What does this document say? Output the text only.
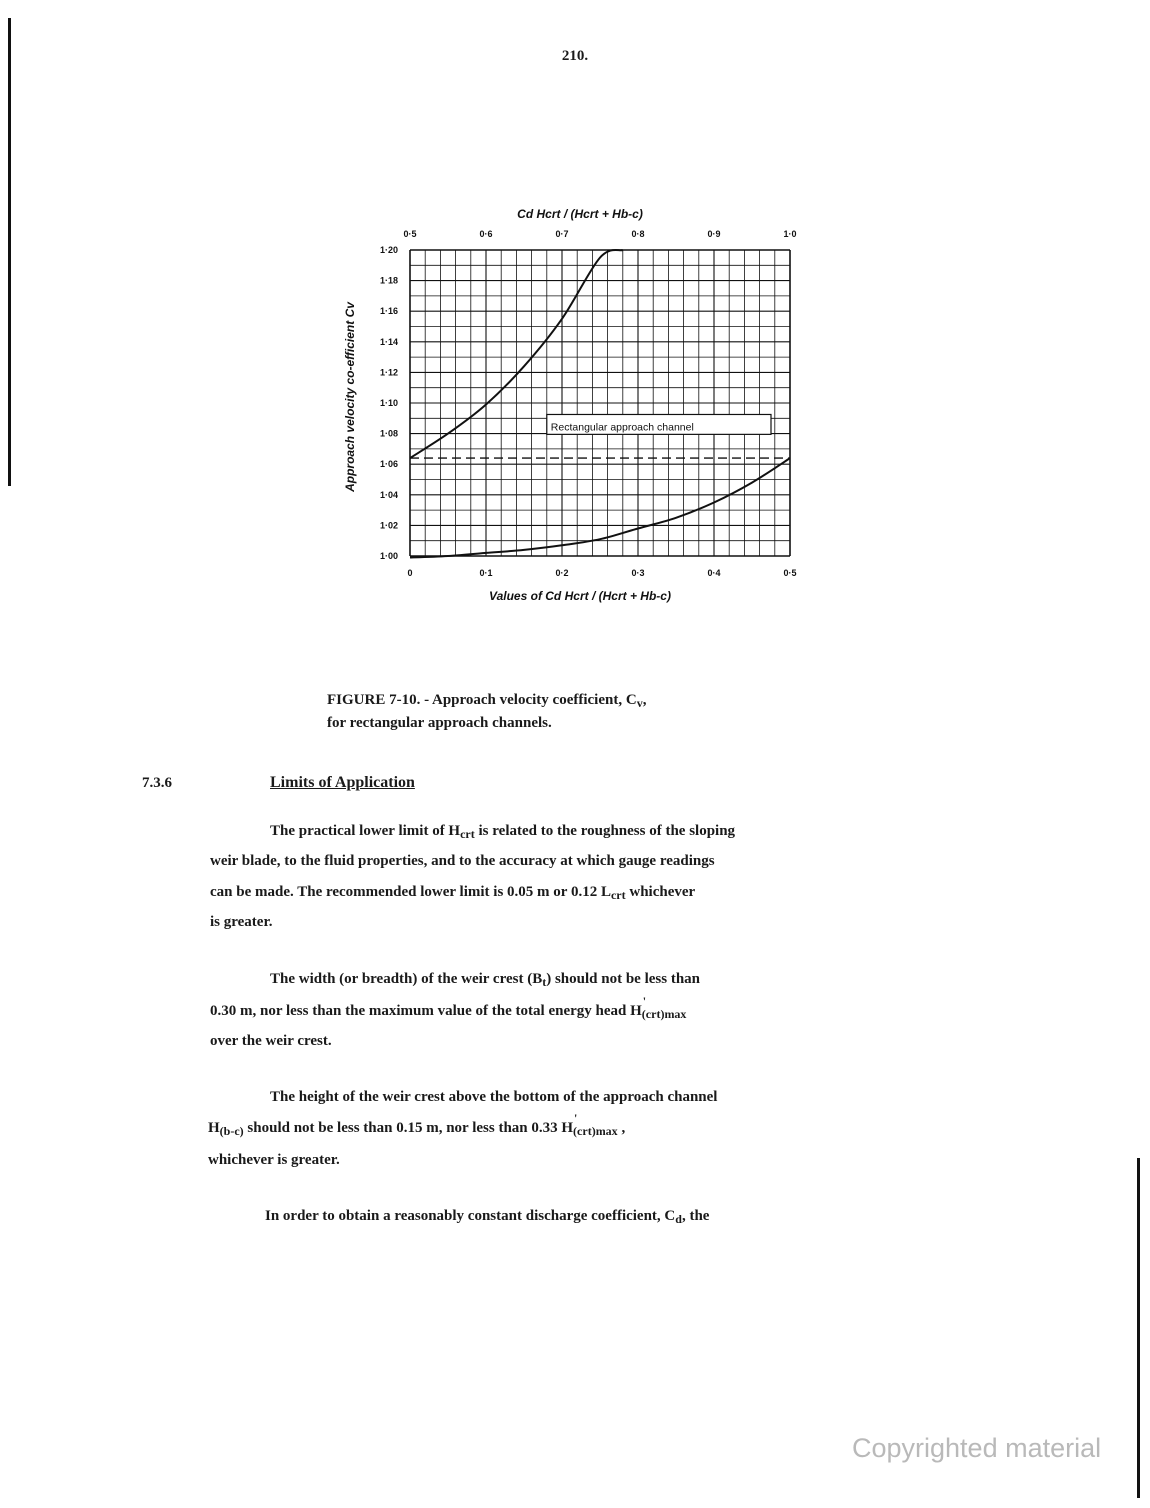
210.
0	0·1	0·2	0·3	0·4	0·5
0·5	0·6	0·7	0·8	0·9	1·0
1·00
1·02
1·04
1·06
1·08
1·10
1·12
1·14
1·16
1·18
1·20
Rectangular approach channel
Cd Hcrt / (Hcrt + Hb-c)
Values of Cd Hcrt / (Hcrt + Hb-c)
Approach velocity co-efficient Cv
FIGURE 7-10. - Approach velocity coefficient, $C_v$,
for rectangular approach channels.
7.3.6	Limits of Application
The practical lower limit of $H_{crt}$ is related to the roughness of the sloping
weir blade, to the fluid properties, and to the accuracy at which gauge readings
can be made. The recommended lower limit is 0.05 m or 0.12 $L_{crt}$ whichever
is greater.
The width (or breadth) of the weir crest $(B_t)$ should not be less than
0.30 m, nor less than the maximum value of the total energy head H
'
$_{(crt)max}$
over the weir crest.
The height of the weir crest above the bottom of the approach channel
$H_{(b-c)}$ should not be less than 0.15 m, nor less than 0.33 H
'
$_{(crt)max}$ ,
whichever is greater.
In order to obtain a reasonably constant discharge coefficient, $C_d$, the
Copyrighted material
